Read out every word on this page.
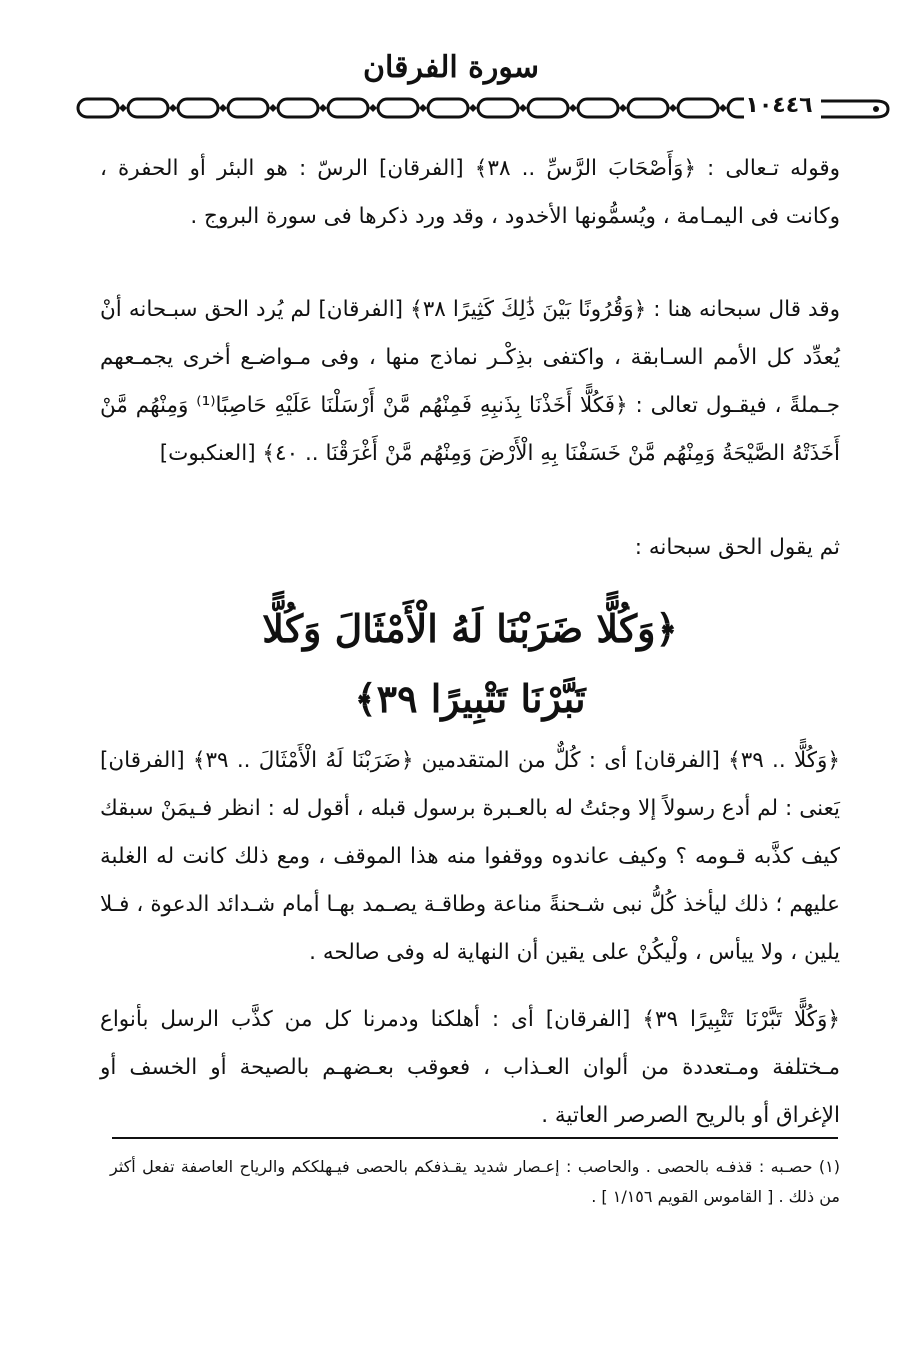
سورة الفرقان
١٠٤٤٦

وقوله تـعالى : ﴿وَأَصْحَابَ الرَّسِّ .. ٣٨﴾ [الفرقان] الرسّ : هو البئر أو الحفرة ، وكانت فى اليمـامة ، ويُسمُّونها الأخدود ، وقد ورد ذكرها فى سورة البروج .

وقد قال سبحانه هنا : ﴿وَقُرُونًا بَيْنَ ذَٰلِكَ كَثِيرًا ٣٨﴾ [الفرقان] لم يُرد الحق سبـحانه أنْ يُعدِّد كل الأمم السـابقة ، واكتفى بذِكْـر نماذج منها ، وفى مـواضـع أخرى يجمـعهم جـملةً ، فيقـول تعالى : ﴿فَكُلًّا أَخَذْنَا بِذَنبِهِ فَمِنْهُم مَّنْ أَرْسَلْنَا عَلَيْهِ حَاصِبًا⁽¹⁾ وَمِنْهُم مَّنْ أَخَذَتْهُ الصَّيْحَةُ وَمِنْهُم مَّنْ خَسَفْنَا بِهِ الْأَرْضَ وَمِنْهُم مَّنْ أَغْرَقْنَا .. ٤٠﴾ [العنكبوت]

ثم يقول الحق سبحانه :

﴿وَكُلًّا ضَرَبْنَا لَهُ الْأَمْثَالَ وَكُلًّا

تَبَّرْنَا تَتْبِيرًا ٣٩﴾

﴿وَكُلًّا .. ٣٩﴾ [الفرقان] أى : كُلٌّ من المتقدمين ﴿ضَرَبْنَا لَهُ الْأَمْثَالَ .. ٣٩﴾ [الفرقان] يَعنى : لم أدع رسولاً إلا وجئتُ له بالعـبرة برسول قبله ، أقول له : انظر فـيمَنْ سبقك كيف كذَّبه قـومه ؟ وكيف عاندوه ووقفوا منه هذا الموقف ، ومع ذلك كانت له الغلبة عليهم ؛ ذلك ليأخذ كُلُّ نبى شـحنةً مناعة وطاقـة يصـمد بهـا أمام شـدائد الدعوة ، فـلا يلين ، ولا ييأس ، ولْيكُنْ على يقين أن النهاية له وفى صالحه .

﴿وَكُلًّا تَبَّرْنَا تَتْبِيرًا ٣٩﴾ [الفرقان] أى : أهلكنا ودمرنا كل من كذَّب الرسل بأنواع مـختلفة ومـتعددة من ألوان العـذاب ، فعوقب بعـضهـم بالصيحة أو الخسف أو الإغراق أو بالريح الصرصر العاتية .

(١) حصـبه : قذفـه بالحصى . والحاصب : إعـصار شديد يقـذفكم بالحصى فيـهلككم والرياح العاصفة تفعل أكثر من ذلك . [ القاموس القويم ١/١٥٦ ] .
